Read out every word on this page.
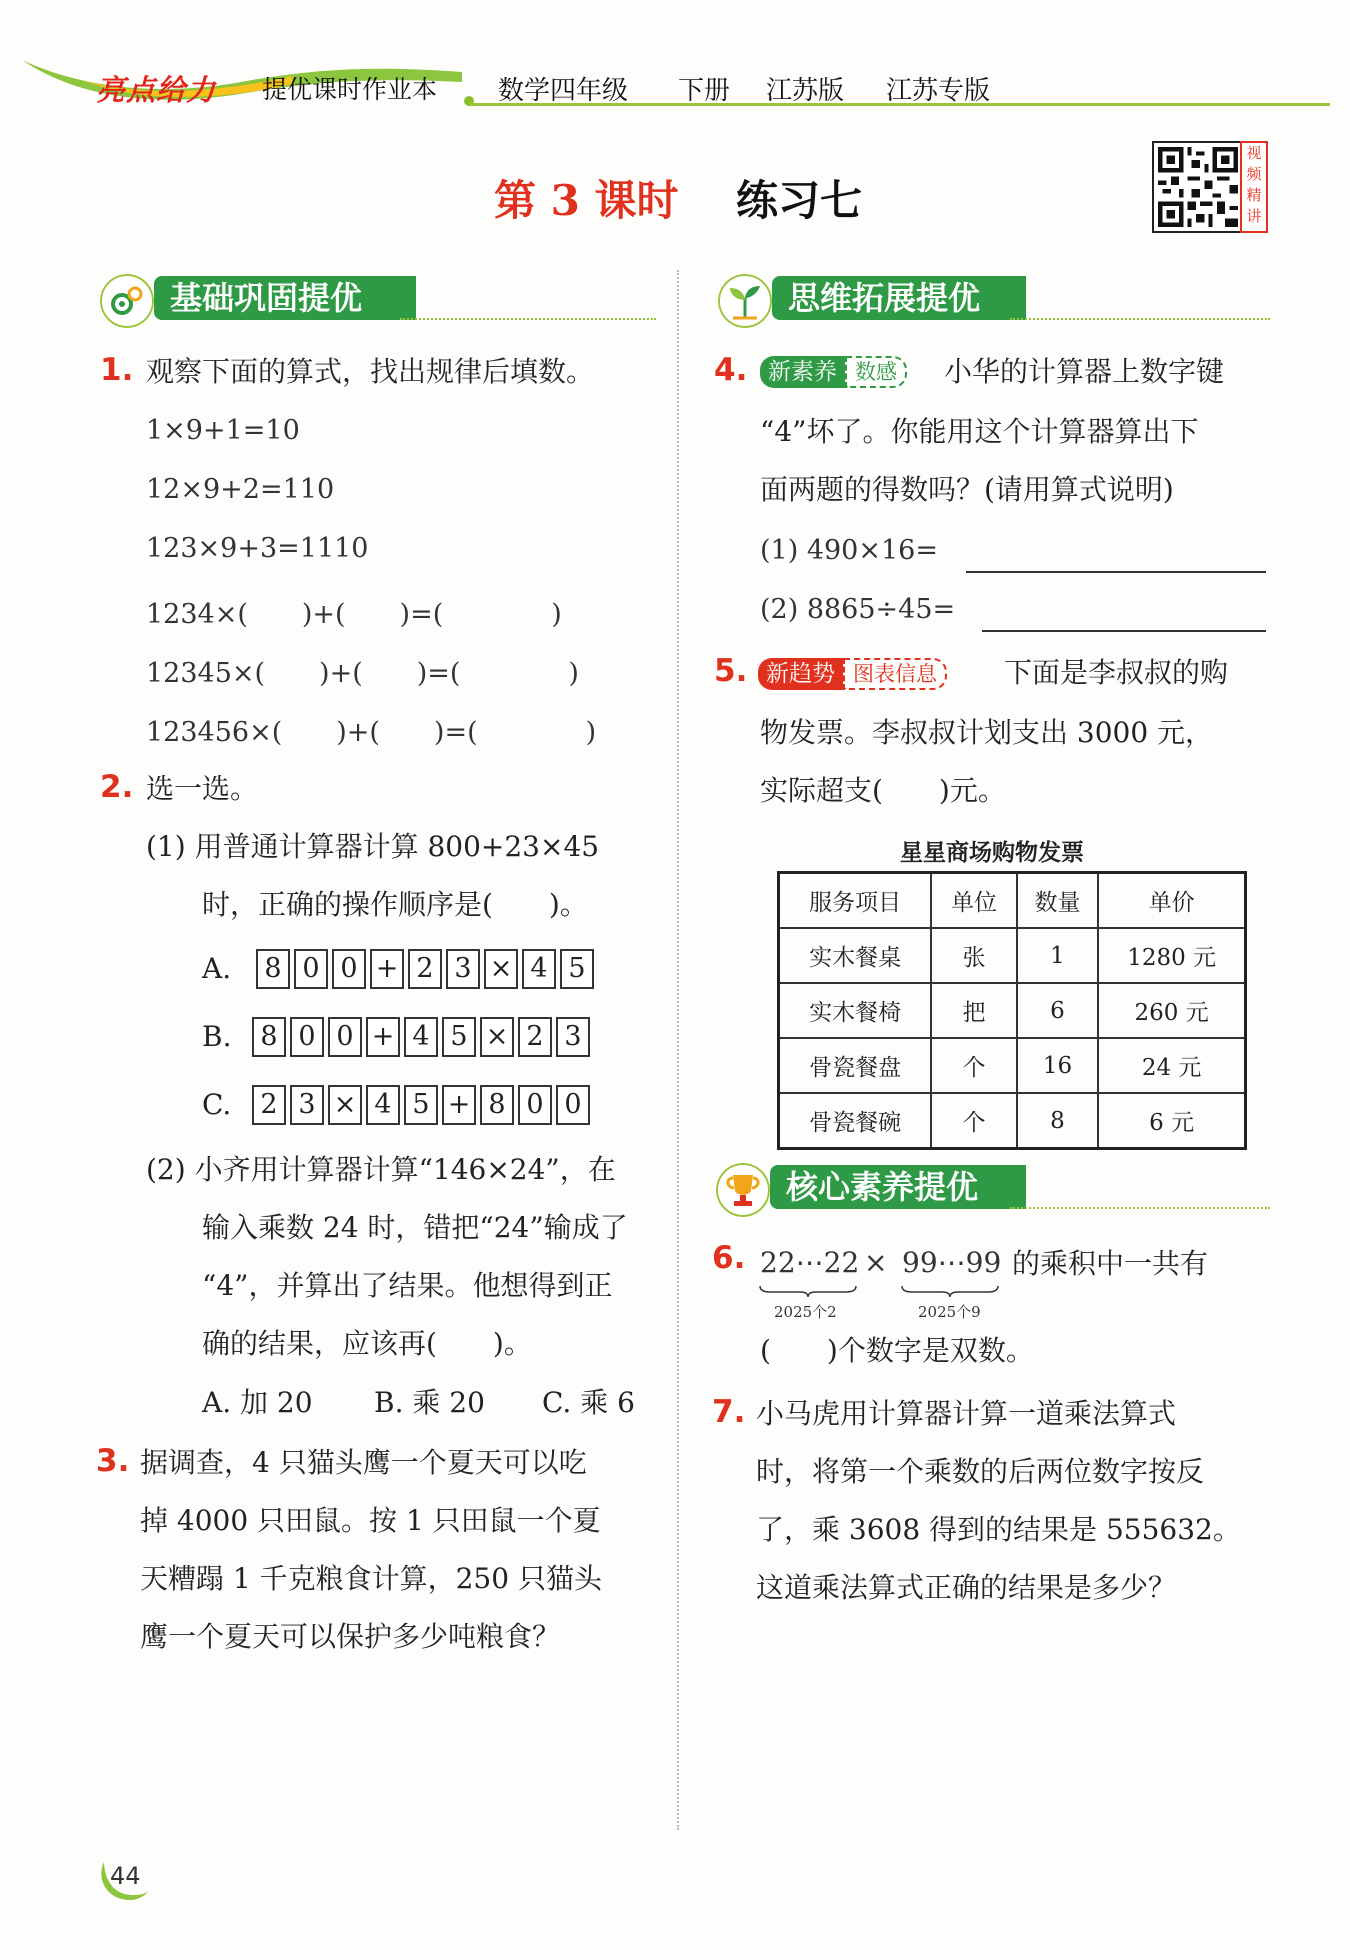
亮点给力 提优课时作业本 数学四年级 下册 江苏版 江苏专版
第 3 课时 练习七
视
频
精
讲
基础巩固提优	思维拓展提优
核心素养提优
1. 观察下面的算式，找出规律后填数。
1×9+1=10
12×9+2=110
123×9+3=1110
1234×(　　)+(　　)=(　　　　)
12345×(　　)+(　　)=(　　　　)
123456×(　　)+(　　)=(　　　　)
2. 选一选。
(1) 用普通计算器计算 800+23×45
时，正确的操作顺序是(　　)。
A.	8 0 0 + 2 3 × 4 5
B.	8 0 0 + 4 5 × 2 3
C.	2 3 × 4 5 + 8 0 0
(2) 小齐用计算器计算“146×24”，在
输入乘数 24 时，错把“24”输成了
“4”，并算出了结果。他想得到正
确的结果，应该再(　　)。
A. 加 20 B. 乘 20 C. 乘 6
3. 据调查，4 只猫头鹰一个夏天可以吃
掉 4000 只田鼠。按 1 只田鼠一个夏
天糟蹋 1 千克粮食计算，250 只猫头
鹰一个夏天可以保护多少吨粮食？
4. 新素养 数感	小华的计算器上数字键
“4”坏了。你能用这个计算器算出下
面两题的得数吗？(请用算式说明)
(1) 490×16=
(2) 8865÷45=
5. 新趋势 图表信息	下面是李叔叔的购
物发票。李叔叔计划支出 3000 元，
实际超支(　　)元。
星星商场购物发票
服务项目	单位	数量	单价
实木餐桌	张	1	1280 元
实木餐椅	把	6	260 元
骨瓷餐盘	个	16	24 元
骨瓷餐碗	个	8	6 元
6. 22⋯22 × 99⋯99 的乘积中一共有
2025个2	2025个9
(　　)个数字是双数。
7. 小马虎用计算器计算一道乘法算式
时，将第一个乘数的后两位数字按反
了，乘 3608 得到的结果是 555632。
这道乘法算式正确的结果是多少？
44
